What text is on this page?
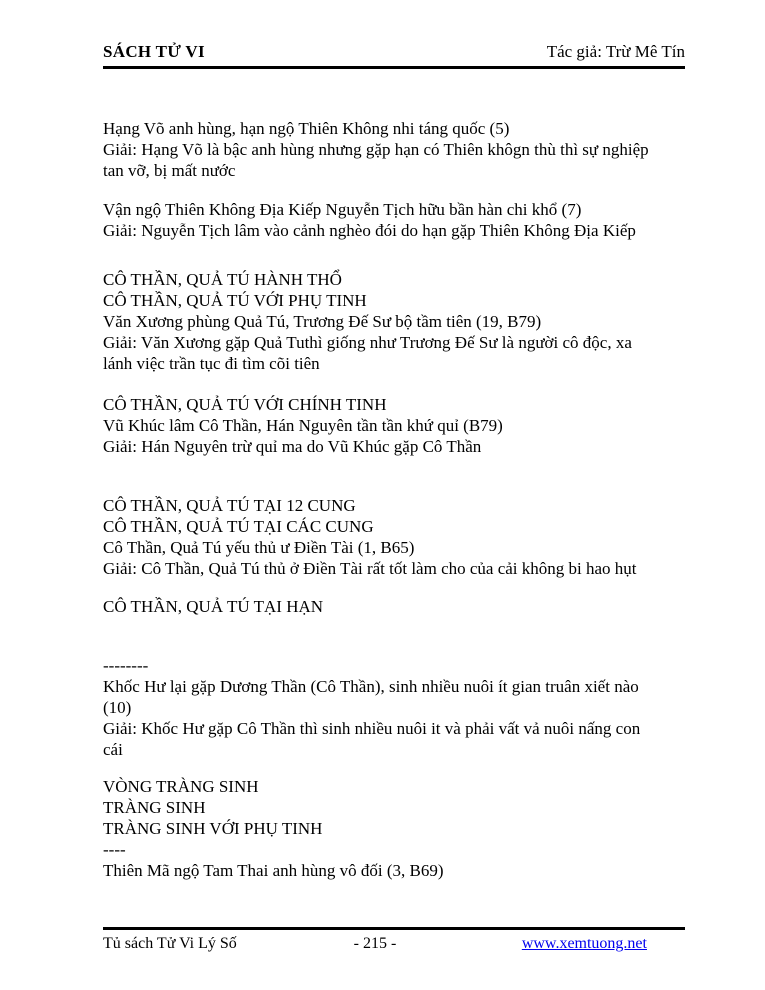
SÁCH TỬ VI	Tác giả: Trừ Mê Tín
Hạng Võ anh hùng, hạn ngộ Thiên Không nhi táng quốc (5)
Giải: Hạng Võ là bậc anh hùng nhưng gặp hạn có Thiên khôgn thù thì sự nghiệp
tan vỡ, bị mất nước
Vận ngộ Thiên Không Địa Kiếp Nguyễn Tịch hữu bần hàn chi khổ (7)
Giải: Nguyễn Tịch lâm vào cảnh nghèo đói do hạn gặp Thiên Không Địa Kiếp
CÔ THẦN, QUẢ TÚ HÀNH THỔ
CÔ THẦN, QUẢ TÚ VỚI PHỤ TINH
Văn Xương phùng Quả Tú, Trương Đế Sư bộ tầm tiên (19, B79)
Giải: Văn Xương gặp Quả Tuthì giống như Trương Đế Sư là người cô độc, xa
lánh việc trần tục đi tìm cõi tiên
CÔ THẦN, QUẢ TÚ VỚI CHÍNH TINH
Vũ Khúc lâm Cô Thần, Hán Nguyên tần tần khứ quỉ (B79)
Giải: Hán Nguyên trừ quỉ ma do Vũ Khúc gặp Cô Thần
CÔ THẦN, QUẢ TÚ TẠI 12 CUNG
CÔ THẦN, QUẢ TÚ TẠI CÁC CUNG
Cô Thần, Quả Tú yếu thủ ư Điền Tài (1, B65)
Giải: Cô Thần, Quả Tú thủ ở Điền Tài rất tốt làm cho của cải không bi hao hụt
CÔ THẦN, QUẢ TÚ TẠI HẠN
--------
Khốc Hư lại gặp Dương Thần (Cô Thần), sinh nhiều nuôi ít gian truân xiết nào
(10)
Giải: Khốc Hư gặp Cô Thần thì sinh nhiều nuôi it và phải vất vả nuôi nấng con
cái
VÒNG TRÀNG SINH
TRÀNG SINH
TRÀNG SINH VỚI PHỤ TINH
----
Thiên Mã ngộ Tam Thai anh hùng vô đối (3, B69)
Tủ sách Tử Vi Lý Số	- 215 -	www.xemtuong.net
